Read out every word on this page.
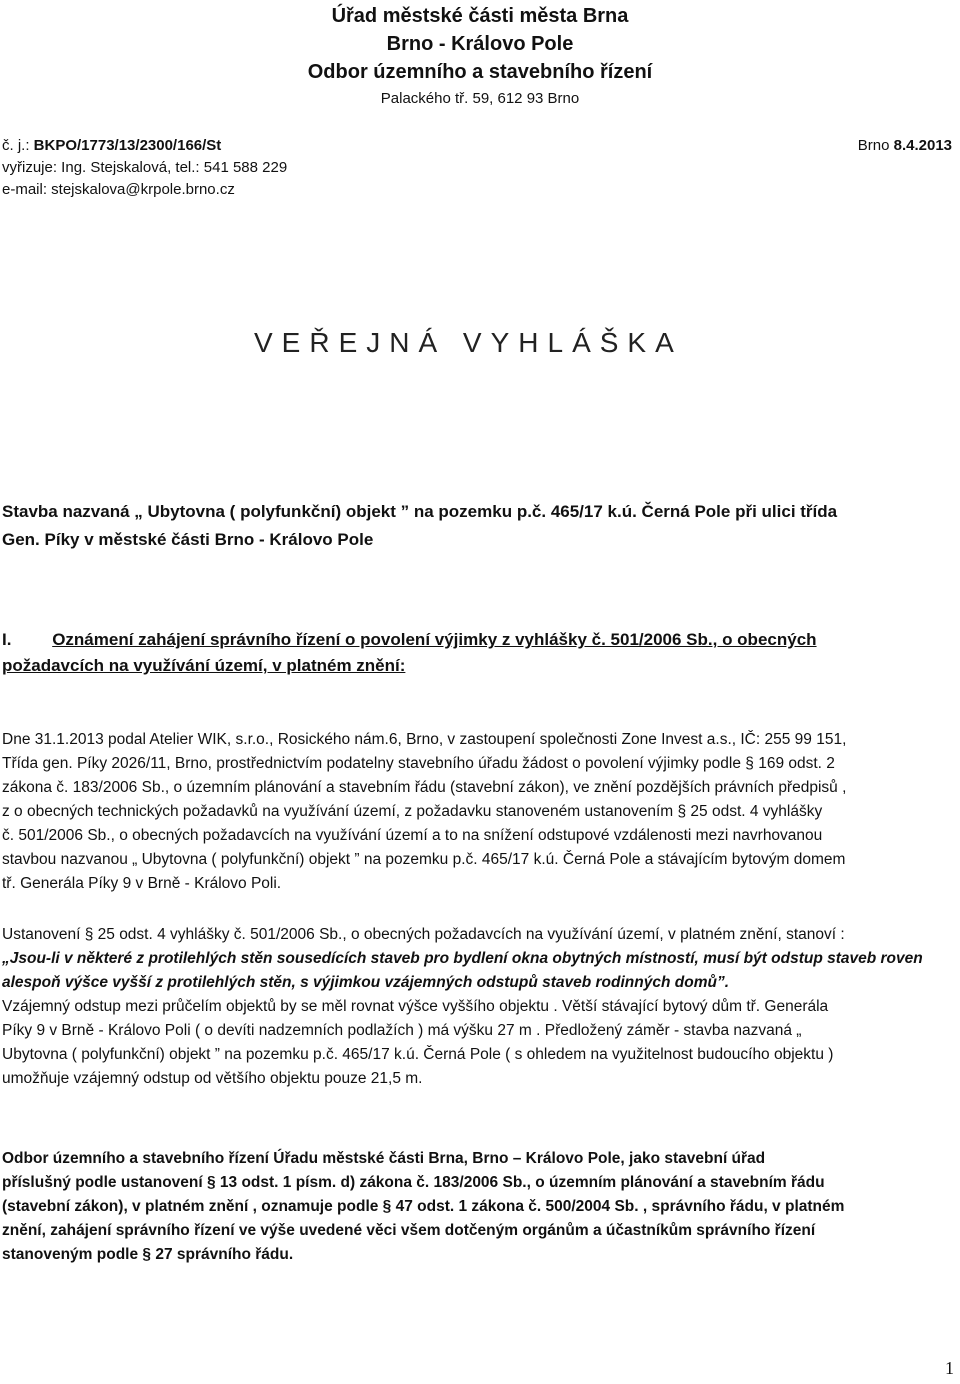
Úřad městské části města Brna
Brno - Královo Pole
Odbor územního a stavebního řízení
Palackého tř. 59, 612 93 Brno
č. j.: BKPO/1773/13/2300/166/St	Brno 8.4.2013
vyřizuje: Ing. Stejskalová, tel.: 541 588 229
e-mail: stejskalova@krpole.brno.cz
VEŘEJNÁ VYHLÁŠKA
Stavba nazvaná „ Ubytovna ( polyfunkční) objekt ” na pozemku p.č. 465/17 k.ú. Černá Pole při ulici třída
Gen. Píky v městské části Brno - Královo Pole
I. Oznámení zahájení správního řízení o povolení výjimky z vyhlášky č. 501/2006 Sb., o obecných
požadavcích na využívání území, v platném znění:
Dne 31.1.2013 podal Atelier WIK, s.r.o., Rosického nám.6, Brno, v zastoupení společnosti Zone Invest a.s., IČ: 255 99 151,
Třída gen. Píky 2026/11, Brno, prostřednictvím podatelny stavebního úřadu žádost o povolení výjimky podle § 169 odst. 2
zákona č. 183/2006 Sb., o územním plánování a stavebním řádu (stavební zákon), ve znění pozdějších právních předpisů ,
z o obecných technických požadavků na využívání území, z požadavku stanoveném ustanovením § 25 odst. 4 vyhlášky
č. 501/2006 Sb., o obecných požadavcích na využívání území a to na snížení odstupové vzdálenosti mezi navrhovanou
stavbou nazvanou „ Ubytovna ( polyfunkční) objekt ” na pozemku p.č. 465/17 k.ú. Černá Pole a stávajícím bytovým domem
tř. Generála Píky 9 v Brně - Královo Poli.
Ustanovení § 25 odst. 4 vyhlášky č. 501/2006 Sb., o obecných požadavcích na využívání území, v platném znění, stanoví :
„Jsou-li v některé z protilehlých stěn sousedících staveb pro bydlení okna obytných místností, musí být odstup staveb roven
alespoň výšce vyšší z protilehlých stěn, s výjimkou vzájemných odstupů staveb rodinných domů”.
Vzájemný odstup mezi průčelím objektů by se měl rovnat výšce vyššího objektu . Větší stávající bytový dům tř. Generála
Píky 9 v Brně - Královo Poli ( o devíti nadzemních podlažích ) má výšku 27 m . Předložený záměr - stavba nazvaná „
Ubytovna ( polyfunkční) objekt ” na pozemku p.č. 465/17 k.ú. Černá Pole ( s ohledem na využitelnost budoucího objektu )
umožňuje vzájemný odstup od většího objektu pouze 21,5 m.
Odbor územního a stavebního řízení Úřadu městské části Brna, Brno – Královo Pole, jako stavební úřad
příslušný podle ustanovení § 13 odst. 1 písm. d) zákona č. 183/2006 Sb., o územním plánování a stavebním řádu
(stavební zákon), v platném znění , oznamuje podle § 47 odst. 1 zákona č. 500/2004 Sb. , správního řádu, v platném
znění, zahájení správního řízení ve výše uvedené věci všem dotčeným orgánům a účastníkům správního řízení
stanoveným podle § 27 správního řádu.
1
